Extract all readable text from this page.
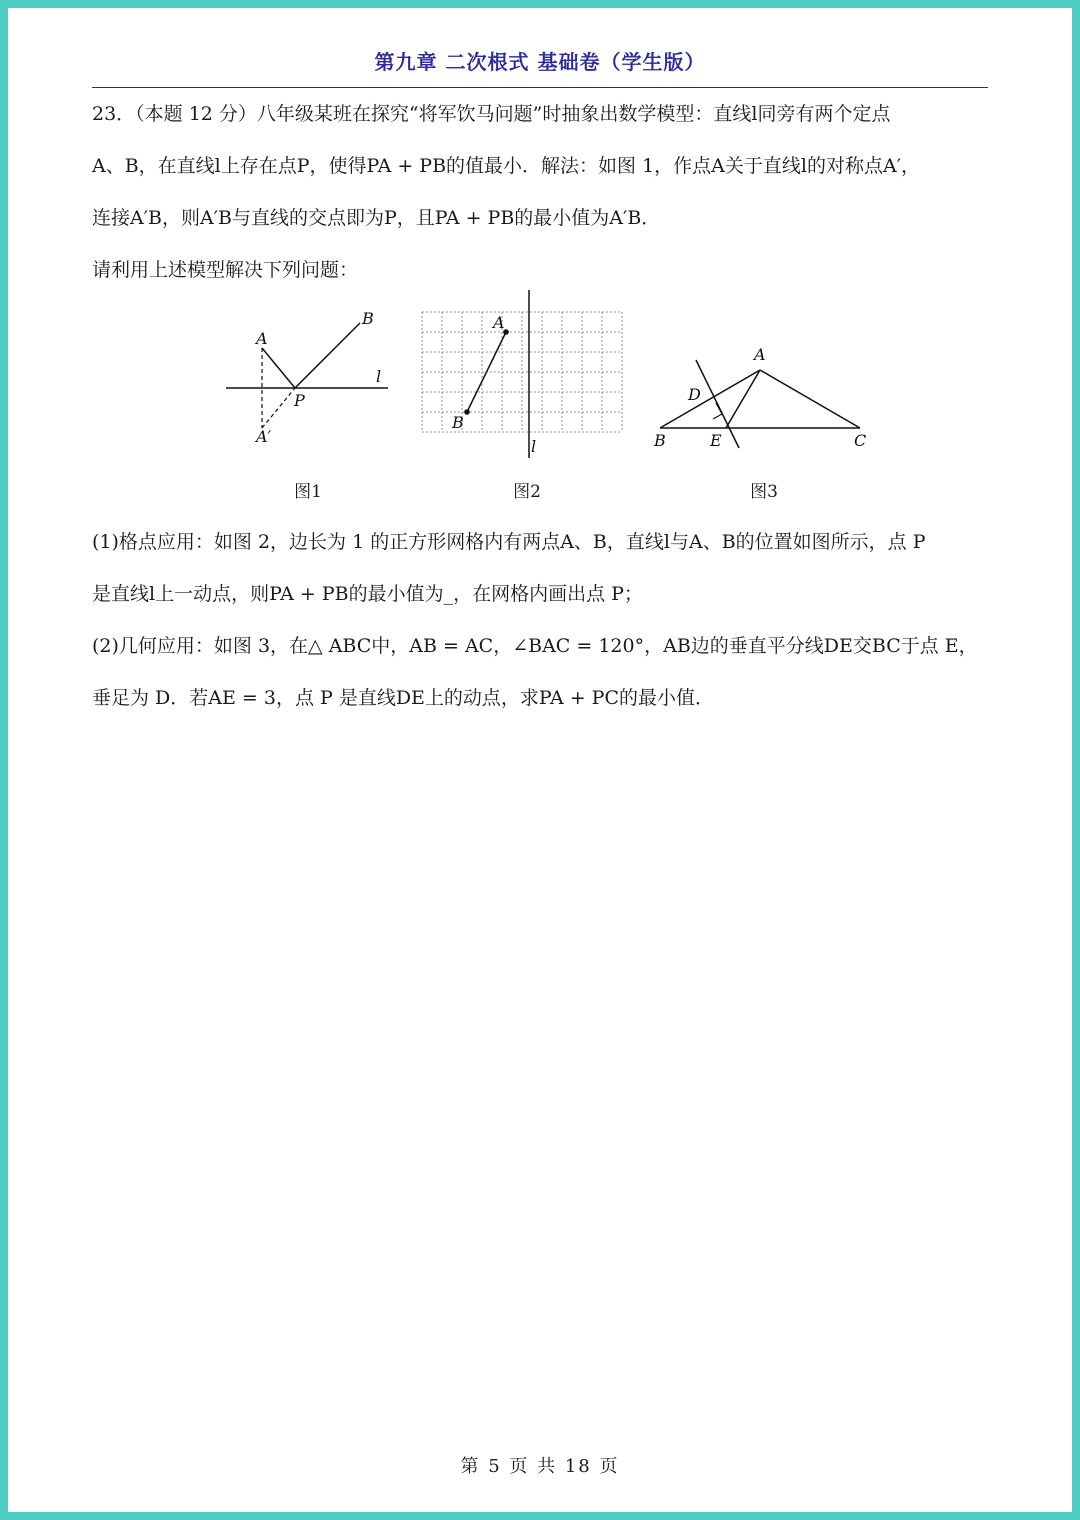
第九章 二次根式 基础卷（学生版）
23．（本题 12 分）八年级某班在探究“将军饮马问题”时抽象出数学模型：直线l同旁有两个定点
A、B，在直线l上存在点P，使得PA + PB的值最小．解法：如图 1，作点A关于直线l的对称点A′，
连接A′B，则A′B与直线的交点即为P，且PA + PB的最小值为A′B．
请利用上述模型解决下列问题：
A
B
P
l
A′
图1
A
B
l
图2
A
B	C
D
E
图3
(1)格点应用：如图 2，边长为 1 的正方形网格内有两点A、B，直线l与A、B的位置如图所示，点 P
是直线l上一动点，则PA + PB的最小值为_，在网格内画出点 P；
(2)几何应用：如图 3，在△ ABC中，AB = AC，∠BAC = 120°，AB边的垂直平分线DE交BC于点 E，
垂足为 D．若AE = 3，点 P 是直线DE上的动点，求PA + PC的最小值．
第 5 页 共 18 页
